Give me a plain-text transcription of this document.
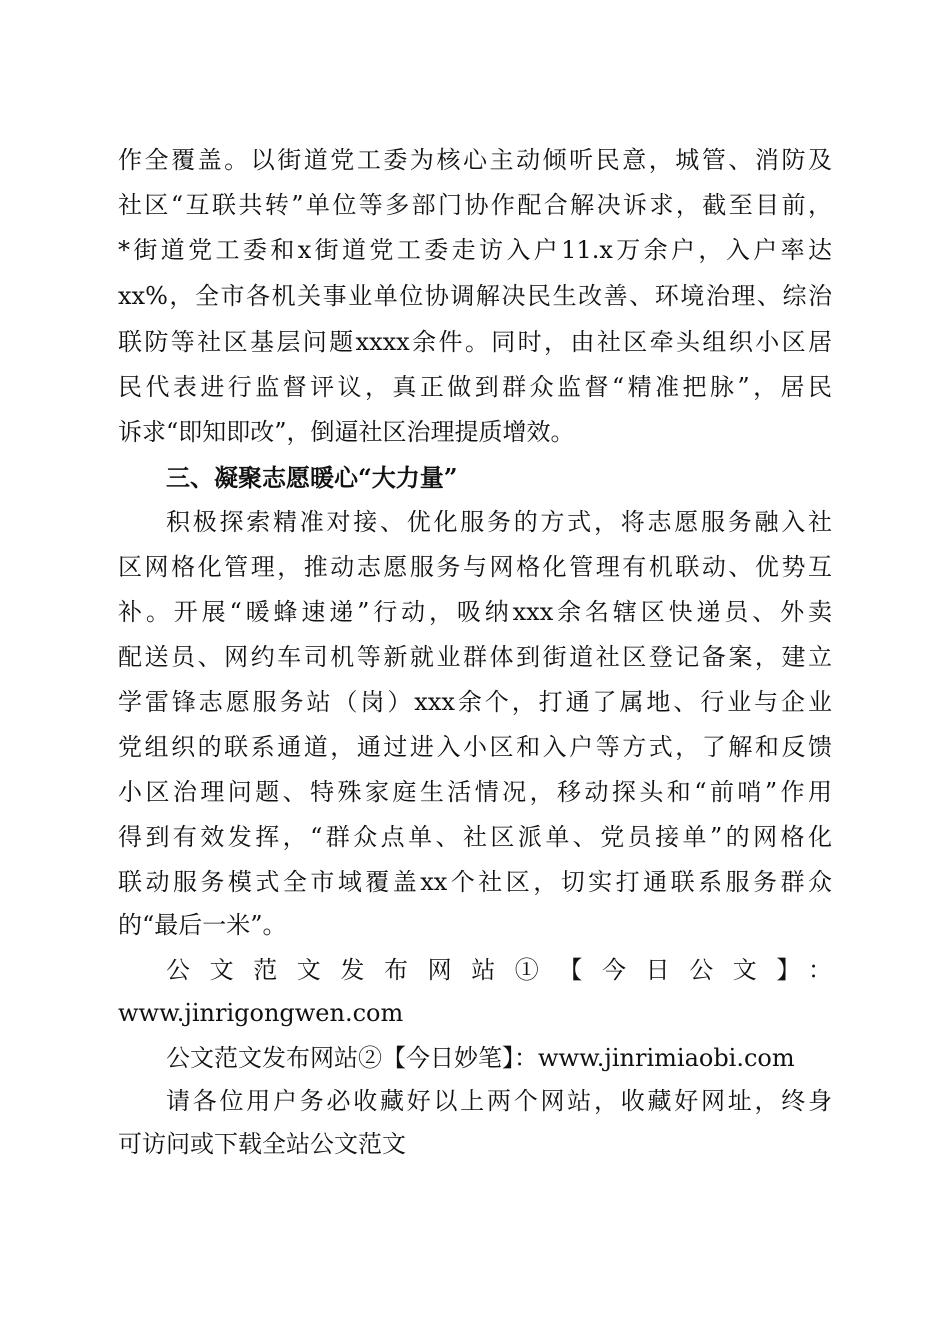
作全覆盖。以街道党工委为核心主动倾听民意，城管、消防及
社区“互联共转”单位等多部门协作配合解决诉求，截至目前，
*街道党工委和x街道党工委走访入户11.x万余户，入户率达
xx%，全市各机关事业单位协调解决民生改善、环境治理、综治
联防等社区基层问题xxxx余件。同时，由社区牵头组织小区居
民代表进行监督评议，真正做到群众监督“精准把脉”，居民
诉求“即知即改”，倒逼社区治理提质增效。
三、凝聚志愿暖心“大力量”
积极探索精准对接、优化服务的方式，将志愿服务融入社
区网格化管理，推动志愿服务与网格化管理有机联动、优势互
补。开展“暖蜂速递”行动，吸纳xxx余名辖区快递员、外卖
配送员、网约车司机等新就业群体到街道社区登记备案，建立
学雷锋志愿服务站（岗）xxx余个，打通了属地、行业与企业
党组织的联系通道，通过进入小区和入户等方式，了解和反馈
小区治理问题、特殊家庭生活情况，移动探头和“前哨”作用
得到有效发挥，“群众点单、社区派单、党员接单”的网格化
联动服务模式全市域覆盖xx个社区，切实打通联系服务群众
的“最后一米”。
公文范文发布网站①【今日公文】：
www.jinrigongwen.com
公文范文发布网站②【今日妙笔】：www.jinrimiaobi.com
请各位用户务必收藏好以上两个网站，收藏好网址，终身
可访问或下载全站公文范文
